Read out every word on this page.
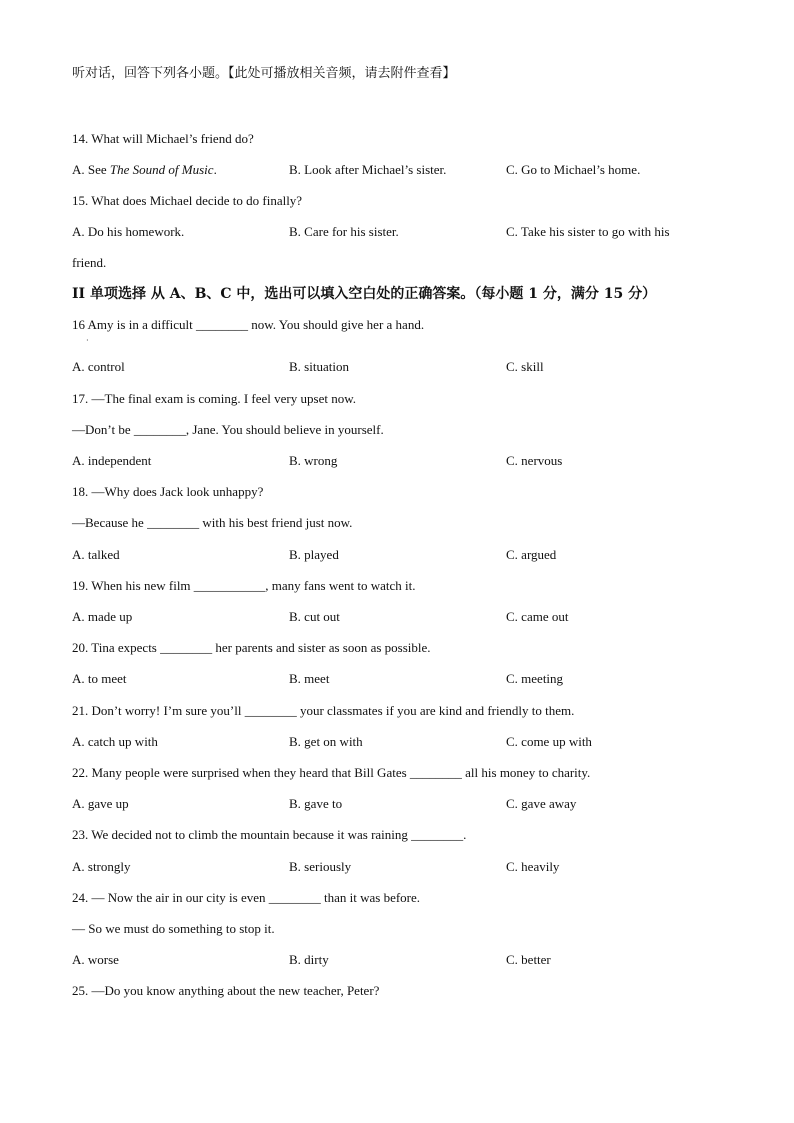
听对话，回答下列各小题。【此处可播放相关音频，请去附件查看】
14. What will Michael’s friend do?
A. See The Sound of Music.	B. Look after Michael’s sister.	C. Go to Michael’s home.
15. What does Michael decide to do finally?
A. Do his homework.	B. Care for his sister.	C. Take his sister to go with his
friend.
II 单项选择 从 A、B、C 中，选出可以填入空白处的正确答案。（每小题 1 分，满分 15 分）
16 Amy is in a difficult ________ now. You should give her a hand.
·
A. control	B. situation	C. skill
17. —The final exam is coming. I feel very upset now.
—Don’t be ________, Jane. You should believe in yourself.
A. independent	B. wrong	C. nervous
18. —Why does Jack look unhappy?
—Because he ________ with his best friend just now.
A. talked	B. played	C. argued
19. When his new film ___________, many fans went to watch it.
A. made up	B. cut out	C. came out
20. Tina expects ________ her parents and sister as soon as possible.
A. to meet	B. meet	C. meeting
21. Don’t worry! I’m sure you’ll ________ your classmates if you are kind and friendly to them.
A. catch up with	B. get on with	C. come up with
22. Many people were surprised when they heard that Bill Gates ________ all his money to charity.
A. gave up	B. gave to	C. gave away
23. We decided not to climb the mountain because it was raining ________.
A. strongly	B. seriously	C. heavily
24. — Now the air in our city is even ________ than it was before.
— So we must do something to stop it.
A. worse	B. dirty	C. better
25. —Do you know anything about the new teacher, Peter?
